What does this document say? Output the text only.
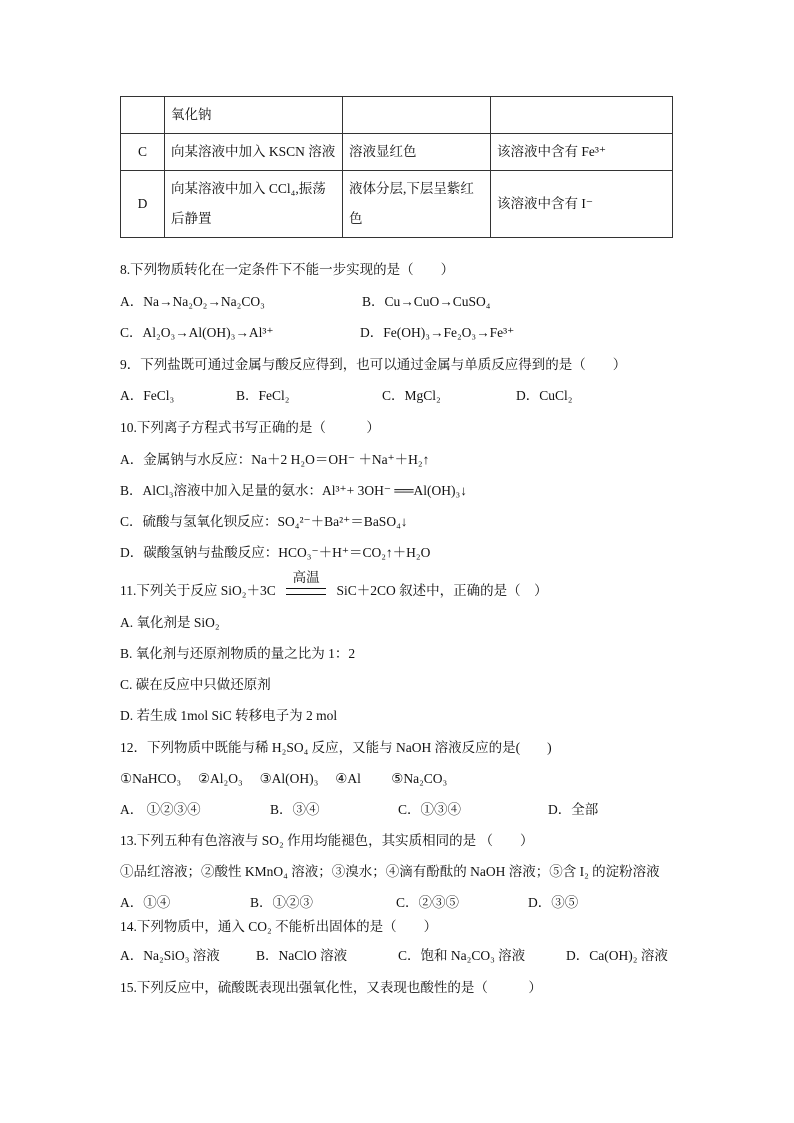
	氧化钠		
C	向某溶液中加入 KSCN 溶液	溶液显红色	该溶液中含有 Fe³⁺
D	向某溶液中加入 CCl₄,振荡后静置	液体分层,下层呈紫红色	该溶液中含有 I⁻
8.下列物质转化在一定条件下不能一步实现的是（　　）
A．Na→Na₂O₂→Na₂CO₃	B．Cu→CuO→CuSO₄
C．Al₂O₃→Al(OH)₃→Al³⁺	D．Fe(OH)₃→Fe₂O₃→Fe³⁺
9．下列盐既可通过金属与酸反应得到，也可以通过金属与单质反应得到的是（　　）
A．FeCl₃	B．FeCl₂	C．MgCl₂	D．CuCl₂
10.下列离子方程式书写正确的是（　　　）
A．金属钠与水反应：Na＋2 H₂O＝OH⁻ ＋Na⁺＋H₂↑
B．AlCl₃溶液中加入足量的氨水：Al³⁺+ 3OH⁻ ══Al(OH)₃↓
C．硫酸与氢氧化钡反应：SO₄²⁻＋Ba²⁺＝BaSO₄↓
D．碳酸氢钠与盐酸反应：HCO₃⁻＋H⁺＝CO₂↑＋H₂O
11.下列关于反应 SiO₂＋3C
高温
SiC＋2CO 叙述中，正确的是（　）
A. 氧化剂是 SiO₂
B. 氧化剂与还原剂物质的量之比为 1：2
C. 碳在反应中只做还原剂
D. 若生成 1mol SiC 转移电子为 2 mol
12．下列物质中既能与稀 H₂SO₄ 反应，又能与 NaOH 溶液反应的是(　　)
①NaHCO₃　 ②Al₂O₃　 ③Al(OH)₃　 ④Al　　 ⑤Na₂CO₃
A． ①②③④	B．③④	C．①③④	D．全部
13.下列五种有色溶液与 SO₂ 作用均能褪色，其实质相同的是 （　　）
①品红溶液；②酸性 KMnO₄ 溶液；③溴水；④滴有酚酞的 NaOH 溶液；⑤含 I₂ 的淀粉溶液
A．①④	B．①②③	C．②③⑤	D．③⑤
14.下列物质中，通入 CO₂ 不能析出固体的是（　　）
A．Na₂SiO₃ 溶液	B．NaClO 溶液	C．饱和 Na₂CO₃ 溶液	D．Ca(OH)₂ 溶液
15.下列反应中，硫酸既表现出强氧化性，又表现也酸性的是（　　　）
